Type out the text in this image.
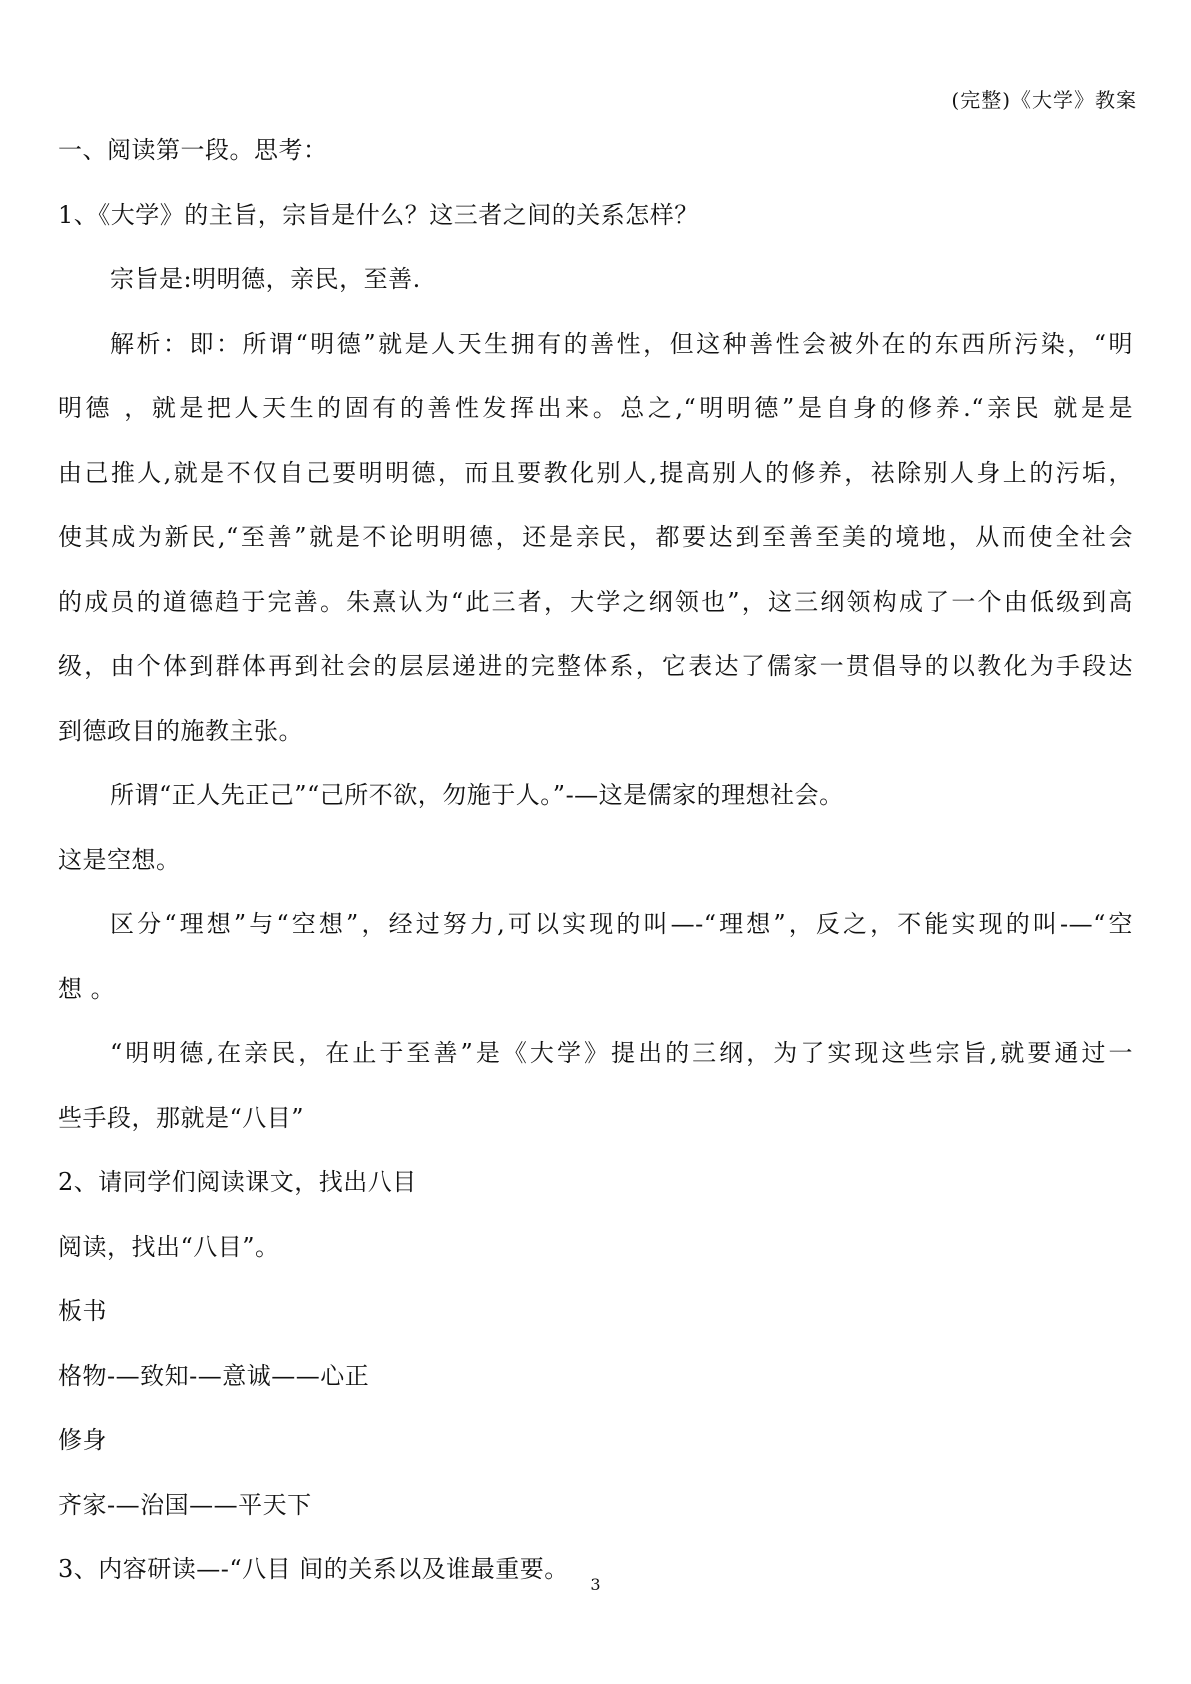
(完整)《大学》教案
一、阅读第一段。思考：
1、《大学》的主旨，宗旨是什么？这三者之间的关系怎样？
宗旨是:明明德，亲民，至善.
解析：即：所谓“明德”就是人天生拥有的善性，但这种善性会被外在的东西所污染，“明
明德 ，就是把人天生的固有的善性发挥出来。总之,“明明德”是自身的修养.“亲民 就是是
由己推人,就是不仅自己要明明德，而且要教化别人,提高别人的修养，祛除别人身上的污垢，
使其成为新民,“至善”就是不论明明德，还是亲民，都要达到至善至美的境地，从而使全社会
的成员的道德趋于完善。朱熹认为“此三者，大学之纲领也”，这三纲领构成了一个由低级到高
级，由个体到群体再到社会的层层递进的完整体系，它表达了儒家一贯倡导的以教化为手段达
到德政目的施教主张。
所谓“正人先正己”“己所不欲，勿施于人。”-—这是儒家的理想社会。
这是空想。
区分“理想”与“空想”，经过努力,可以实现的叫—-“理想”，反之，不能实现的叫-—“空
想 。
“明明德,在亲民，在止于至善”是《大学》提出的三纲，为了实现这些宗旨,就要通过一
些手段，那就是“八目”
2、请同学们阅读课文，找出八目
阅读，找出“八目”。
板书
格物-—致知-—意诚——心正
修身
齐家-—治国——平天下
3、内容研读—-“八目 间的关系以及谁最重要。
3
